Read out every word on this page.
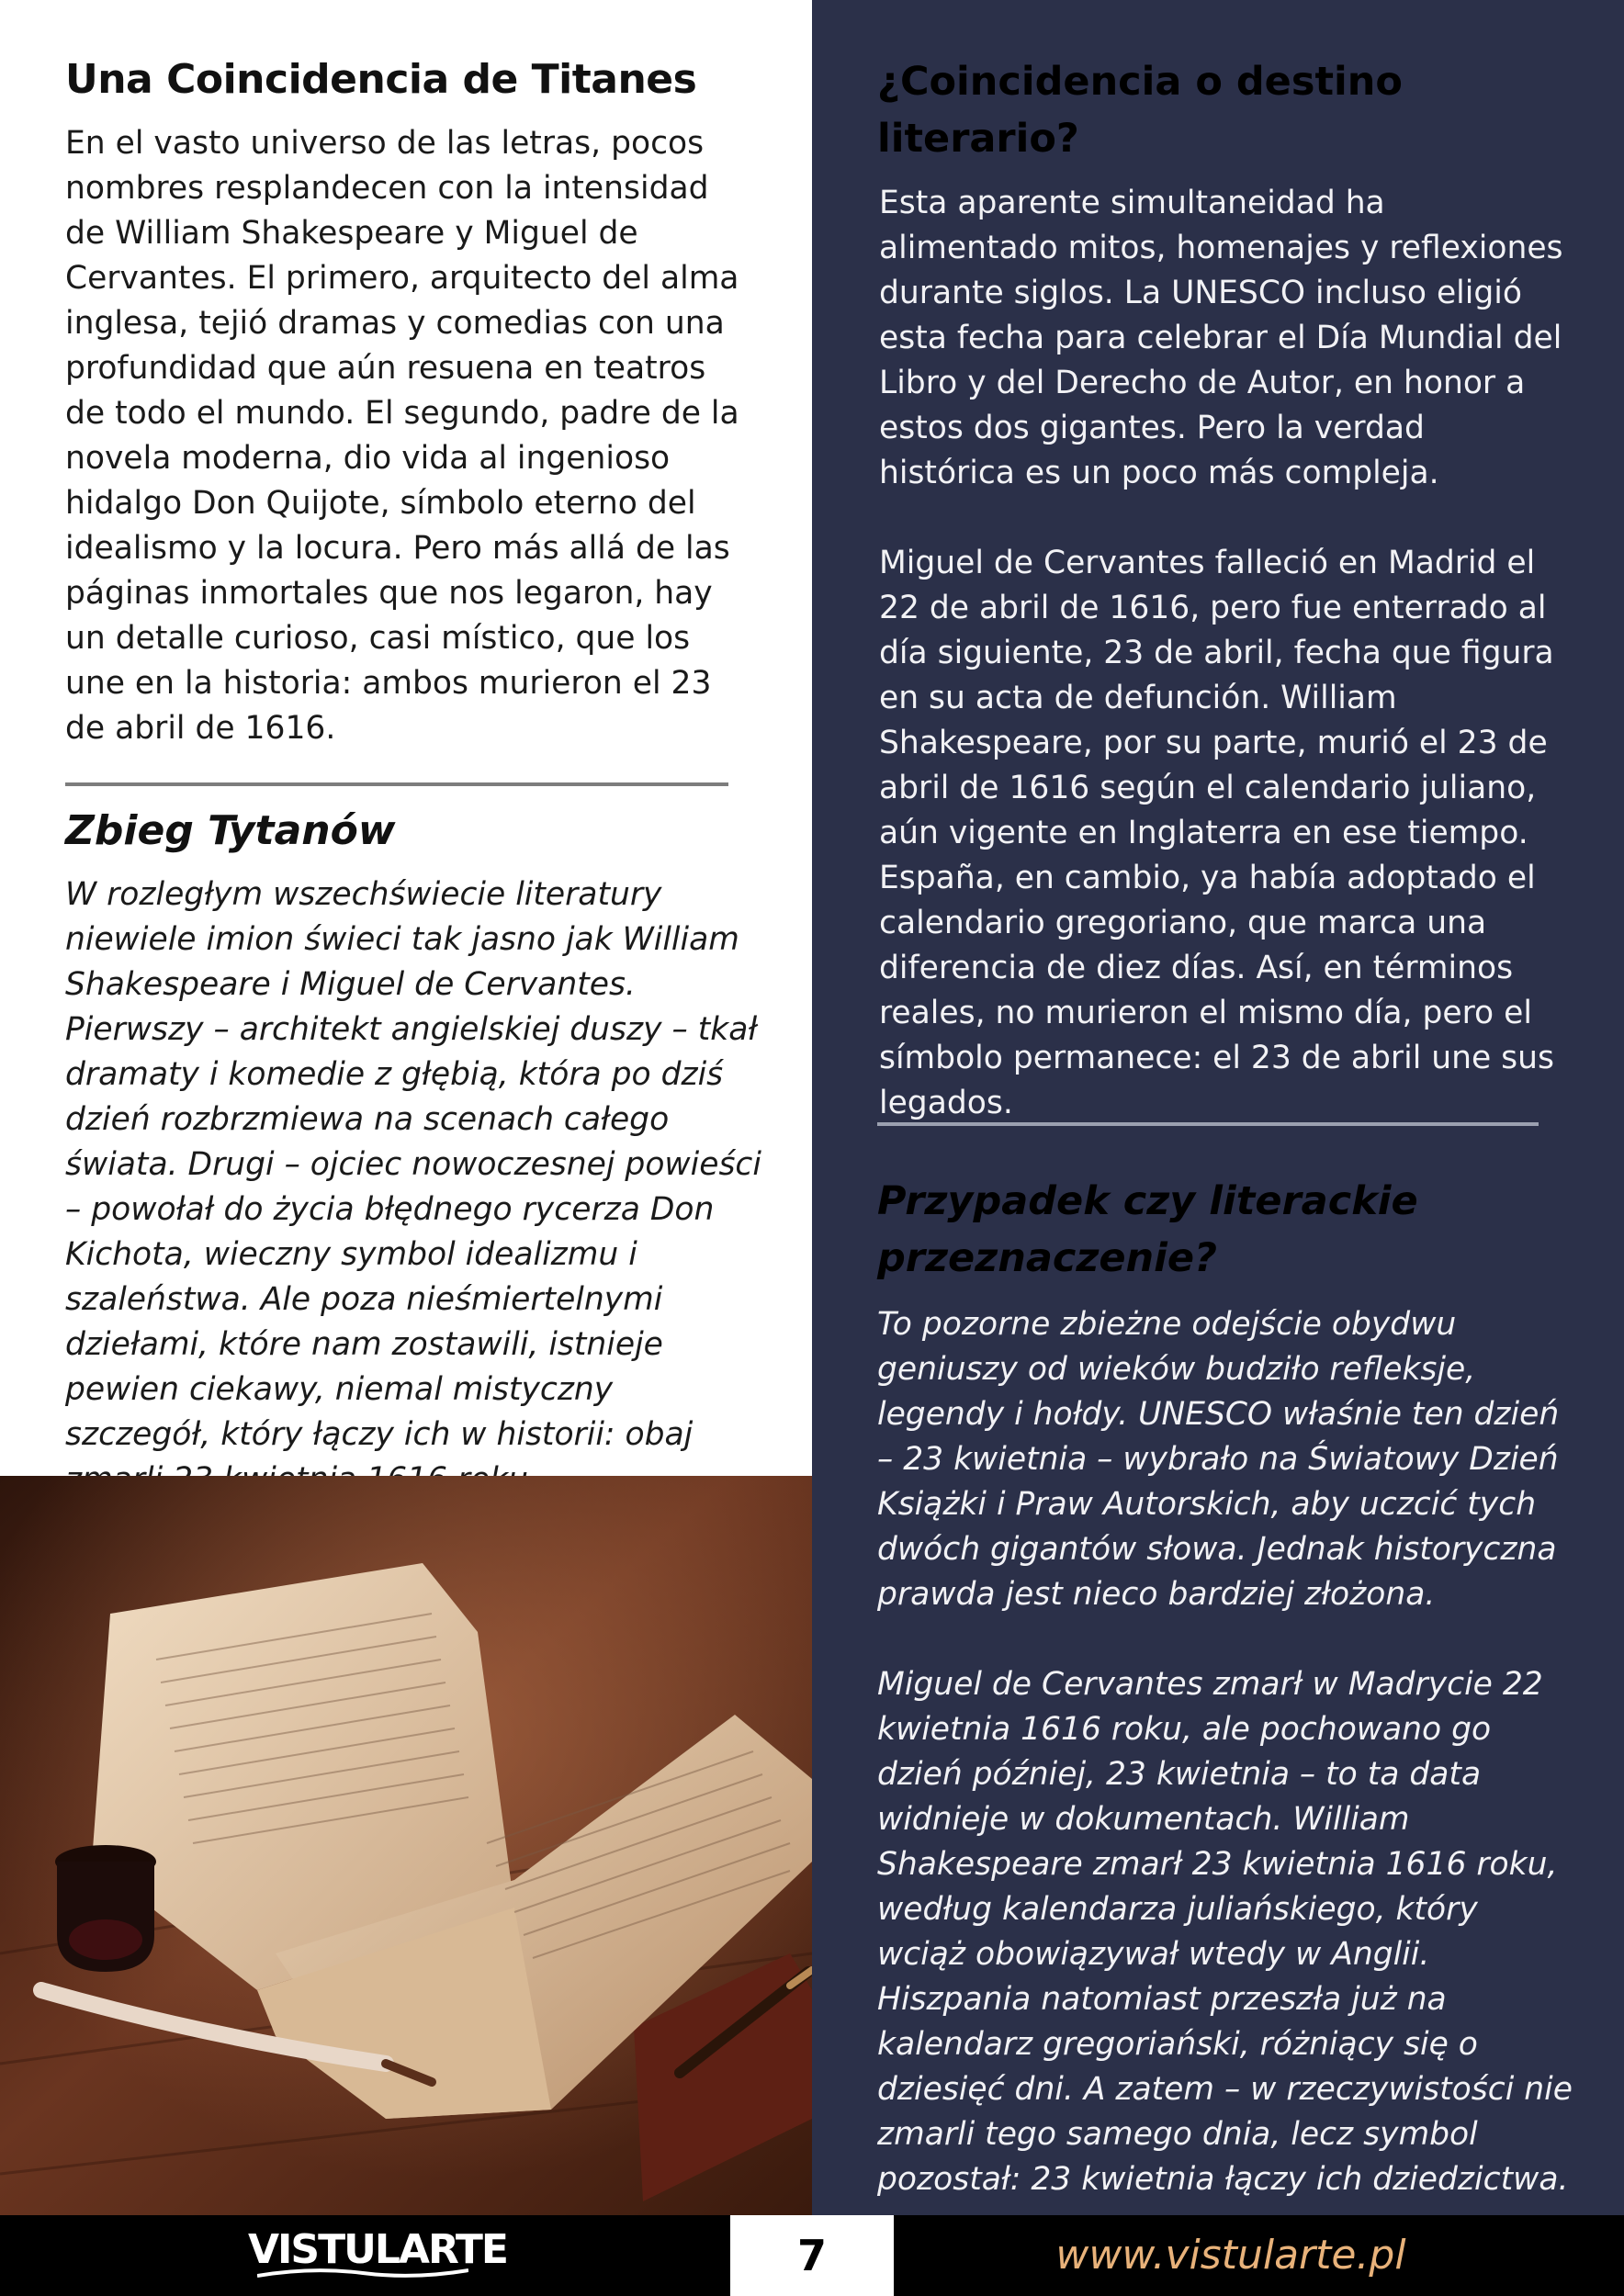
Una Coincidencia de Titanes

En el vasto universo de las letras, pocos nombres resplandecen con la intensidad de William Shakespeare y Miguel de Cervantes. El primero, arquitecto del alma inglesa, tejió dramas y comedias con una profundidad que aún resuena en teatros de todo el mundo. El segundo, padre de la novela moderna, dio vida al ingenioso hidalgo Don Quijote, símbolo eterno del idealismo y la locura. Pero más allá de las páginas inmortales que nos legaron, hay un detalle curioso, casi místico, que los une en la historia: ambos murieron el 23 de abril de 1616.

Zbieg Tytanów

W rozległym wszechświecie literatury niewiele imion świeci tak jasno jak William Shakespeare i Miguel de Cervantes. Pierwszy – architekt angielskiej duszy – tkał dramaty i komedie z głębią, która po dziś dzień rozbrzmiewa na scenach całego świata. Drugi – ojciec nowoczesnej powieści – powołał do życia błędnego rycerza Don Kichota, wieczny symbol idealizmu i szaleństwa. Ale poza nieśmiertelnymi dziełami, które nam zostawili, istnieje pewien ciekawy, niemal mistyczny szczegół, który łączy ich w historii: obaj

¿Coincidencia o destino literario?

Esta aparente simultaneidad ha alimentado mitos, homenajes y reflexiones durante siglos. La UNESCO incluso eligió esta fecha para celebrar el Día Mundial del Libro y del Derecho de Autor, en honor a estos dos gigantes. Pero la verdad histórica es un poco más compleja.

Miguel de Cervantes falleció en Madrid el 22 de abril de 1616, pero fue enterrado al día siguiente, 23 de abril, fecha que figura en su acta de defunción. William Shakespeare, por su parte, murió el 23 de abril de 1616 según el calendario juliano, aún vigente en Inglaterra en ese tiempo. España, en cambio, ya había adoptado el calendario gregoriano, que marca una diferencia de diez días. Así, en términos reales, no murieron el mismo día, pero el símbolo permanece: el 23 de abril une sus legados.

Przypadek czy literackie przeznaczenie?

To pozorne zbieżne odejście obydwu geniuszy od wieków budziło refleksje, legendy i hołdy. UNESCO właśnie ten dzień – 23 kwietnia – wybrało na Światowy Dzień Książki i Praw Autorskich, aby uczcić tych dwóch gigantów słowa. Jednak historyczna prawda jest nieco bardziej złożona.

Miguel de Cervantes zmarł w Madrycie 22 kwietnia 1616 roku, ale pochowano go dzień później, 23 kwietnia – to ta data widnieje w dokumentach. William Shakespeare zmarł 23 kwietnia 1616 roku, według kalendarza juliańskiego, który wciąż obowiązywał wtedy w Anglii. Hiszpania natomiast przeszła już na kalendarz gregoriański, różniący się o dziesięć dni. A zatem – w rzeczywistości nie zmarli tego samego dnia, lecz symbol pozostał: 23 kwietnia łączy ich dziedzictwa.

VISTULARTE	7	www.vistularte.pl
